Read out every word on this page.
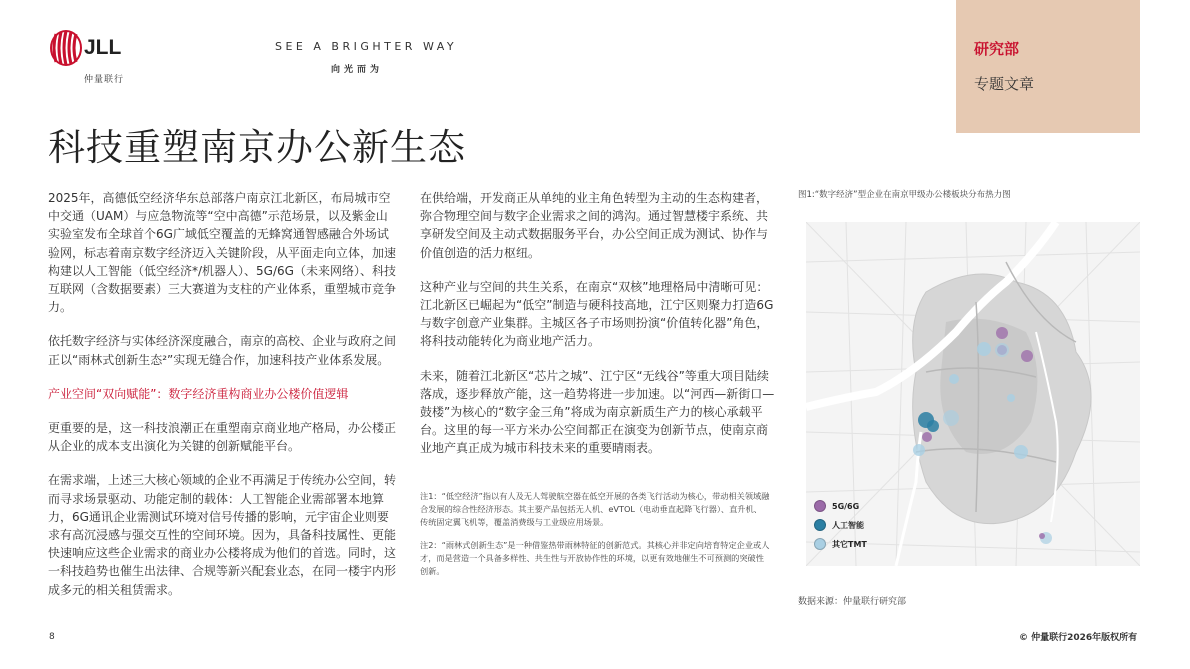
JLL
仲量联行
SEE A BRIGHTER WAY
向光而为
研究部
专题文章
科技重塑南京办公新生态

2025年，高德低空经济华东总部落户南京江北新区，布局城市空中交通（UAM）与应急物流等“空中高德”示范场景，以及紫金山实验室发布全球首个6G广域低空覆盖的无蜂窝通智感融合外场试验网，标志着南京数字经济迈入关键阶段，从平面走向立体，加速构建以人工智能（低空经济*/机器人）、5G/6G（未来网络）、科技互联网（含数据要素）三大赛道为支柱的产业体系，重塑城市竞争力。

依托数字经济与实体经济深度融合，南京的高校、企业与政府之间正以“雨林式创新生态²”实现无缝合作，加速科技产业体系发展。

产业空间“双向赋能”：数字经济重构商业办公楼价值逻辑

更重要的是，这一科技浪潮正在重塑南京商业地产格局，办公楼正从企业的成本支出演化为关键的创新赋能平台。

在需求端，上述三大核心领域的企业不再满足于传统办公空间，转而寻求场景驱动、功能定制的载体：人工智能企业需部署本地算力，6G通讯企业需测试环境对信号传播的影响，元宇宙企业则要求有高沉浸感与强交互性的空间环境。因为，具备科技属性、更能快速响应这些企业需求的商业办公楼将成为他们的首选。同时，这一科技趋势也催生出法律、合规等新兴配套业态，在同一楼宇内形成多元的相关租赁需求。

在供给端，开发商正从单纯的业主角色转型为主动的生态构建者，弥合物理空间与数字企业需求之间的鸿沟。通过智慧楼宇系统、共享研发空间及主动式数据服务平台，办公空间正成为测试、协作与价值创造的活力枢纽。

这种产业与空间的共生关系，在南京“双核”地理格局中清晰可见：江北新区已崛起为“低空”制造与硬科技高地，江宁区则聚力打造6G与数字创意产业集群。主城区各子市场则扮演“价值转化器”角色，将科技动能转化为商业地产活力。

未来，随着江北新区“芯片之城”、江宁区“无线谷”等重大项目陆续落成，逐步释放产能，这一趋势将进一步加速。以“河西—新街口—鼓楼”为核心的“数字金三角”将成为南京新质生产力的核心承载平台。这里的每一平方米办公空间都正在演变为创新节点，使南京商业地产真正成为城市科技未来的重要晴雨表。

注1：“低空经济”指以有人及无人驾驶航空器在低空开展的各类飞行活动为核心，带动相关领域融合发展的综合性经济形态。其主要产品包括无人机、eVTOL（电动垂直起降飞行器）、直升机、传统固定翼飞机等，覆盖消费级与工业级应用场景。

注2：“雨林式创新生态”是一种借鉴热带雨林特征的创新范式。其核心并非定向培育特定企业或人才，而是营造一个具备多样性、共生性与开放协作性的环境，以更有效地催生不可预测的突破性创新。

图1:“数字经济”型企业在南京甲级办公楼板块分布热力图
5G/6G
人工智能
其它TMT
数据来源：仲量联行研究部
8	© 仲量联行2026年版权所有
